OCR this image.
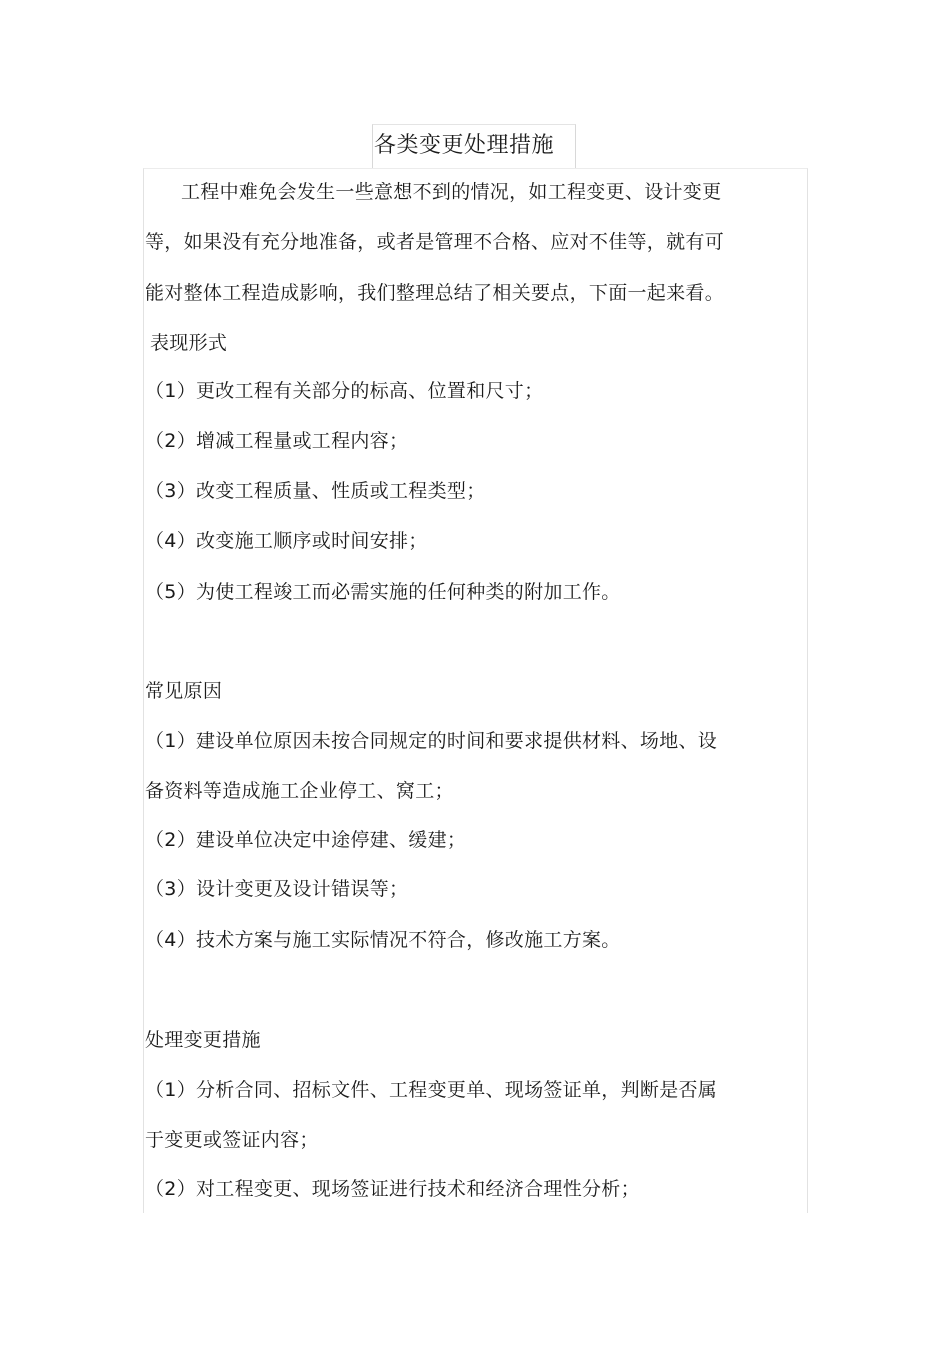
各类变更处理措施
工程中难免会发生一些意想不到的情况，如工程变更、设计变更
等，如果没有充分地准备，或者是管理不合格、应对不佳等，就有可
能对整体工程造成影响，我们整理总结了相关要点，下面一起来看。
表现形式
（1）更改工程有关部分的标高、位置和尺寸；
（2）增减工程量或工程内容；
（3）改变工程质量、性质或工程类型；
（4）改变施工顺序或时间安排；
（5）为使工程竣工而必需实施的任何种类的附加工作。
常见原因
（1）建设单位原因未按合同规定的时间和要求提供材料、场地、设
备资料等造成施工企业停工、窝工；
（2）建设单位决定中途停建、缓建；
（3）设计变更及设计错误等；
（4）技术方案与施工实际情况不符合，修改施工方案。
处理变更措施
（1）分析合同、招标文件、工程变更单、现场签证单，判断是否属
于变更或签证内容；
（2）对工程变更、现场签证进行技术和经济合理性分析；
